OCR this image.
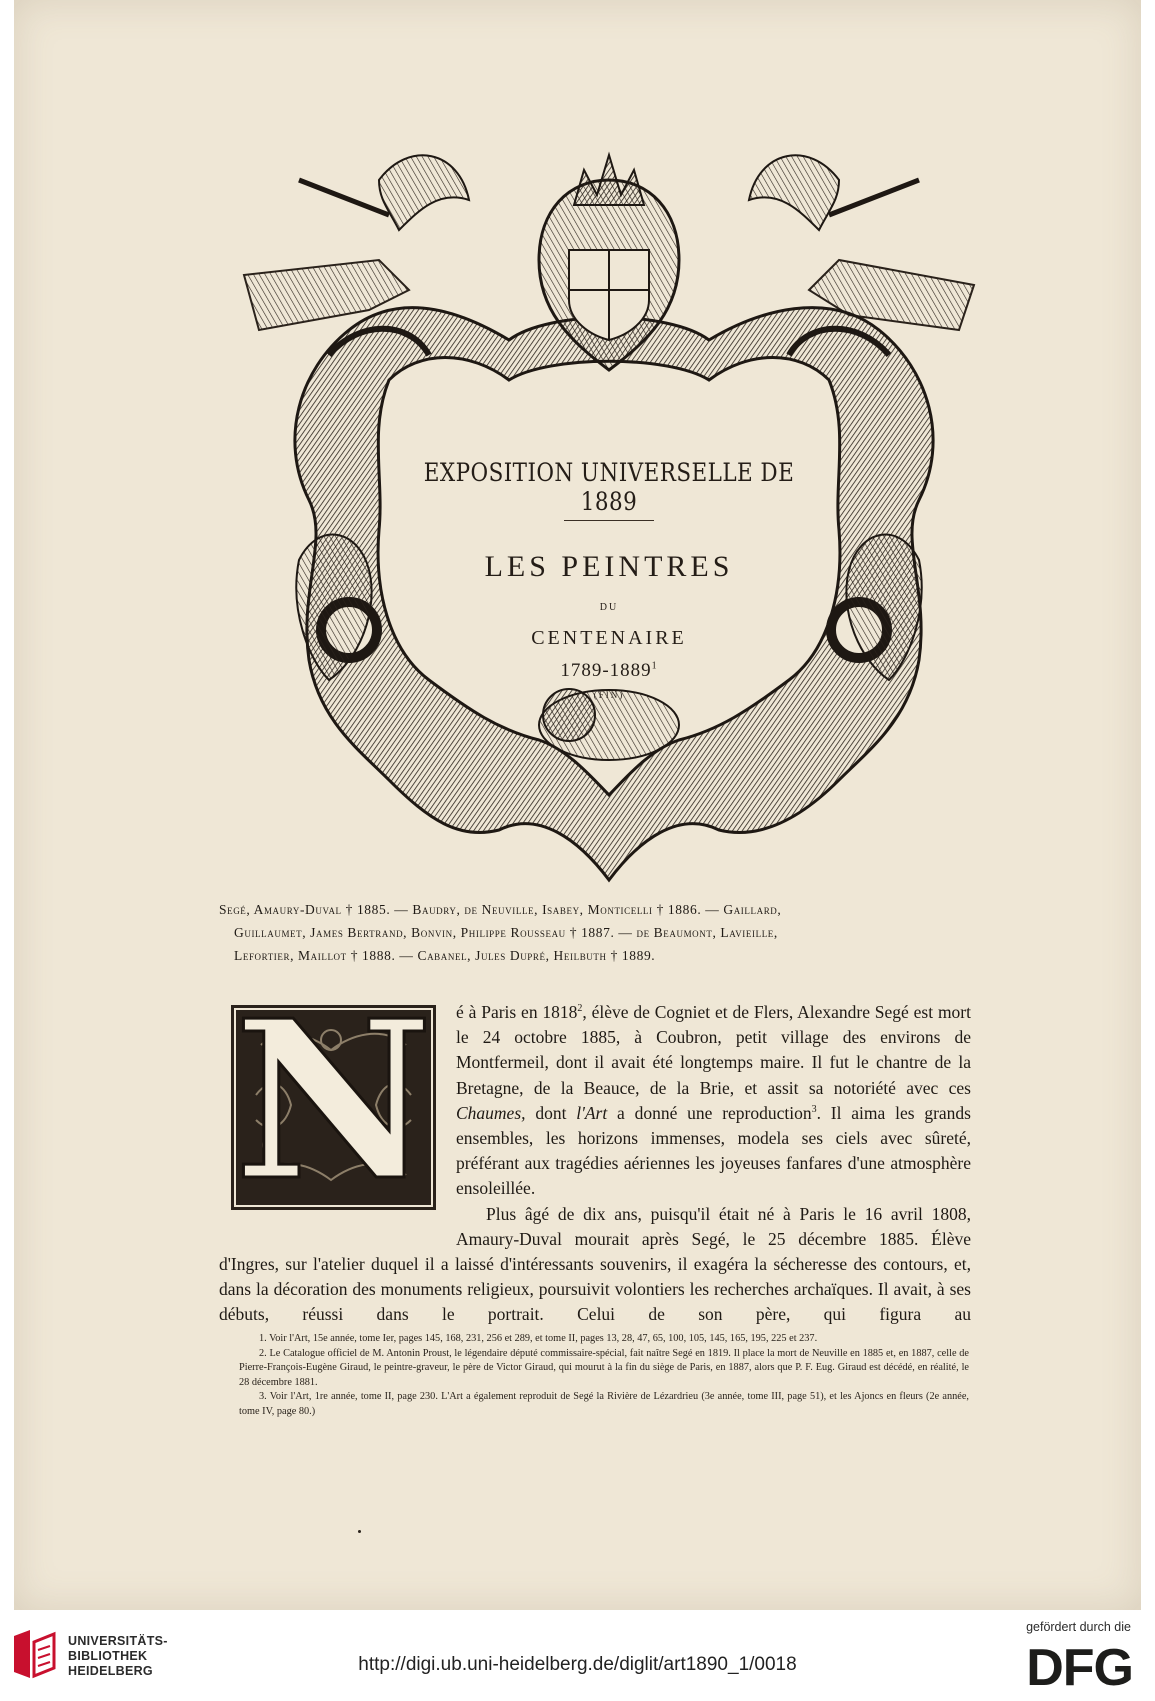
EXPOSITION UNIVERSELLE DE 1889
LES PEINTRES
DU
CENTENAIRE
1789-1889$^1$
(FIN)

Segé, Amaury-Duval † 1885. — Baudry, de Neuville, Isabey, Monticelli † 1886. — Gaillard,

Guillaumet, James Bertrand, Bonvin, Philippe Rousseau † 1887. — de Beaumont, Lavieille,

Lefortier, Maillot † 1888. — Cabanel, Jules Dupré, Heilbuth † 1889.

N é à Paris en 1818$^2$, élève de Cogniet et de Flers, Alexandre Segé est mort le 24 octobre 1885, à Coubron, petit village des environs de Montfermeil, dont il avait été longtemps maire. Il fut le chantre de la Bretagne, de la Beauce, de la Brie, et assit sa notoriété avec ces Chaumes, dont l'Art a donné une reproduction$^3$. Il aima les grands ensembles, les horizons immenses, modela ses ciels avec sûreté, préférant aux tragédies aériennes les joyeuses fanfares d'une atmosphère ensoleillée.

Plus âgé de dix ans, puisqu'il était né à Paris le 16 avril 1808,

Amaury-Duval mourait après Segé, le 25 décembre 1885. Élève

d'Ingres, sur l'atelier duquel il a laissé d'intéressants souvenirs, il exagéra la sécheresse des contours, et, dans la décoration des monuments religieux, poursuivit volontiers les recherches archaïques. Il avait, à ses débuts, réussi dans le portrait. Celui de son père, qui figura au

1. Voir l'Art, 15e année, tome Ier, pages 145, 168, 231, 256 et 289, et tome II, pages 13, 28, 47, 65, 100, 105, 145, 165, 195, 225 et 237.

2. Le Catalogue officiel de M. Antonin Proust, le légendaire député commissaire-spécial, fait naître Segé en 1819. Il place la mort de Neuville en 1885 et, en 1887, celle de Pierre-François-Eugène Giraud, le peintre-graveur, le père de Victor Giraud, qui mourut à la fin du siège de Paris, en 1887, alors que P. F. Eug. Giraud est décédé, en réalité, le 28 décembre 1881.

3. Voir l'Art, 1re année, tome II, page 230. L'Art a également reproduit de Segé la Rivière de Lézardrieu (3e année, tome III, page 51), et les Ajoncs en fleurs (2e année, tome IV, page 80.)

UNIVERSITÄTS-
BIBLIOTHEK
HEIDELBERG	http://digi.ub.uni-heidelberg.de/diglit/art1890_1/0018
gefördert durch die
DFG
